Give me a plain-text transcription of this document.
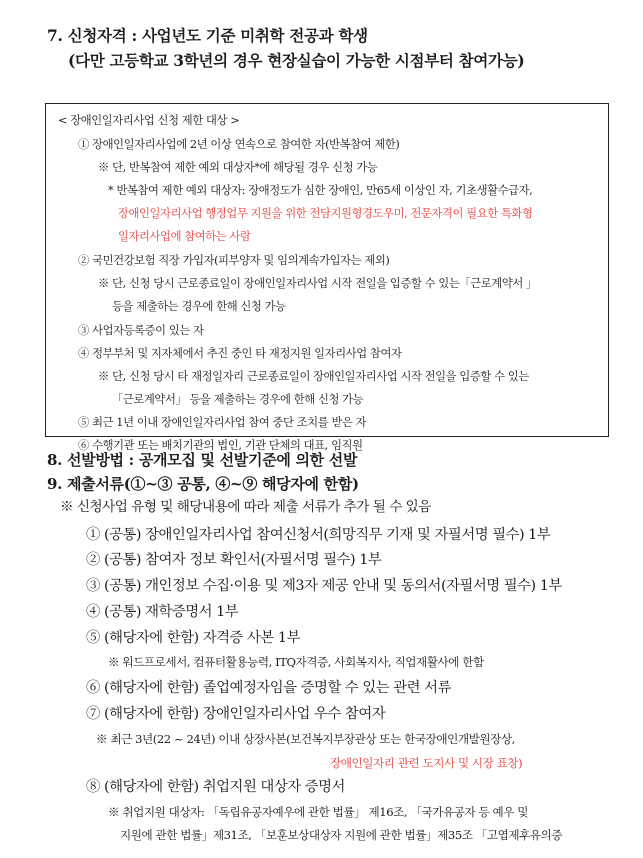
7. 신청자격 : 사업년도 기준 미취학 전공과 학생
(다만 고등학교 3학년의 경우 현장실습이 가능한 시점부터 참여가능)
< 장애인일자리사업 신청 제한 대상 >
① 장애인일자리사업에 2년 이상 연속으로 참여한 자(반복참여 제한)
※ 단, 반복참여 제한 예외 대상자*에 해당될 경우 신청 가능
* 반복참여 제한 예외 대상자: 장애정도가 심한 장애인, 만65세 이상인 자, 기초생활수급자,
장애인일자리사업 행정업무 지원을 위한 전담지원형경도우미, 전문자격이 필요한 특화형
일자리사업에 참여하는 사람
② 국민건강보험 직장 가입자(피부양자 및 임의계속가입자는 제외)
※ 단, 신청 당시 근로종료일이 장애인일자리사업 시작 전일을 입증할 수 있는「근로계약서 」
등을 제출하는 경우에 한해 신청 가능
③ 사업자등록증이 있는 자
④ 정부부처 및 지자체에서 추진 중인 타 재정지원 일자리사업 참여자
※ 단, 신청 당시 타 재정일자리 근로종료일이 장애인일자리사업 시작 전일을 입증할 수 있는
「근로계약서」 등을 제출하는 경우에 한해 신청 가능
⑤ 최근 1년 이내 장애인일자리사업 참여 중단 조치를 받은 자
⑥ 수행기관 또는 배치기관의 법인, 기관 단체의 대표, 임직원
8. 선발방법 : 공개모집 및 선발기준에 의한 선발
9. 제출서류(①~③ 공통, ④~⑨ 해당자에 한함)
※ 신청사업 유형 및 해당내용에 따라 제출 서류가 추가 될 수 있음
① (공통) 장애인일자리사업 참여신청서(희망직무 기재 및 자필서명 필수) 1부
② (공통) 참여자 정보 확인서(자필서명 필수) 1부
③ (공통) 개인정보 수집·이용 및 제3자 제공 안내 및 동의서(자필서명 필수) 1부
④ (공통) 재학증명서 1부
⑤ (해당자에 한함) 자격증 사본 1부
※ 워드프로세서, 컴퓨터활용능력, ITQ자격증, 사회복지사, 직업재활사에 한함
⑥ (해당자에 한함) 졸업예정자임을 증명할 수 있는 관련 서류
⑦ (해당자에 한함) 장애인일자리사업 우수 참여자
※ 최근 3년(22 ~ 24년) 이내 상장사본(보건복지부장관상 또는 한국장애인개발원장상,
장애인일자리 관련 도지사 및 시장 표창)
⑧ (해당자에 한함) 취업지원 대상자 증명서
※ 취업지원 대상자: 「독립유공자예우에 관한 법률」 제16조, 「국가유공자 등 예우 및
지원에 관한 법률」제31조, 「보훈보상대상자 지원에 관한 법률」제35조 「고엽제후유의증
